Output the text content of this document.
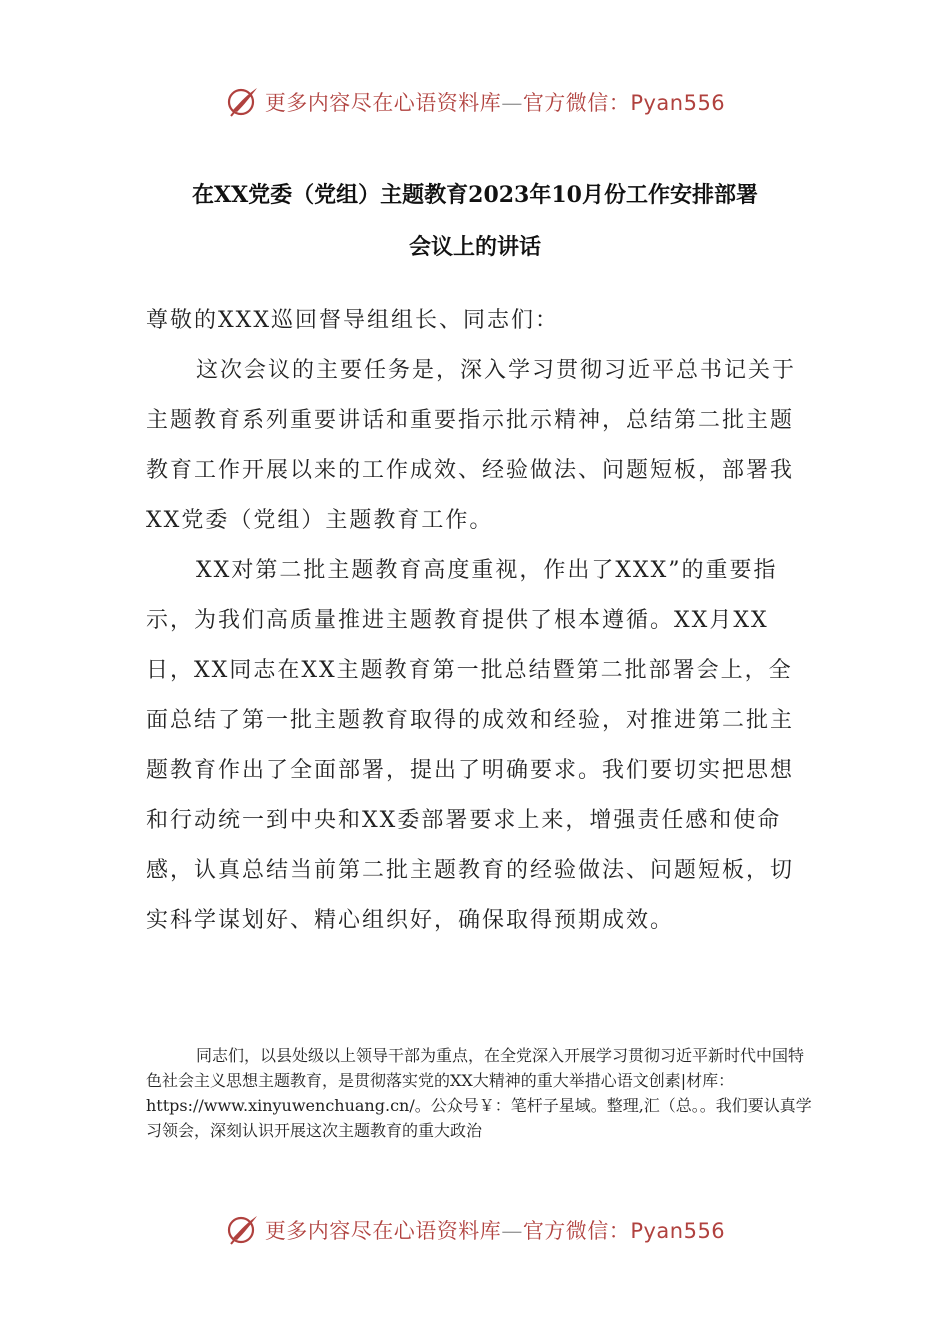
更多内容尽在心语资料库—官方微信：Pyan556
在XX党委（党组）主题教育2023年10月份工作安排部署
会议上的讲话

尊敬的XXX巡回督导组组长、同志们：

这次会议的主要任务是，深入学习贯彻习近平总书记关于主题教育系列重要讲话和重要指示批示精神，总结第二批主题教育工作开展以来的工作成效、经验做法、问题短板，部署我XX党委（党组）主题教育工作。

XX对第二批主题教育高度重视，作出了XXX”的重要指示，为我们高质量推进主题教育提供了根本遵循。XX月XX日，XX同志在XX主题教育第一批总结暨第二批部署会上，全面总结了第一批主题教育取得的成效和经验，对推进第二批主题教育作出了全面部署，提出了明确要求。我们要切实把思想和行动统一到中央和XX委部署要求上来，增强责任感和使命感，认真总结当前第二批主题教育的经验做法、问题短板，切实科学谋划好、精心组织好，确保取得预期成效。

同志们，以县处级以上领导干部为重点，在全党深入开展学习贯彻习近平新时代中国特色社会主义思想主题教育，是贯彻落实党的XX大精神的重大举措心语文创素|材库：https://www.xinyuwenchuang.cn/。公众号￥：笔杆子星域。整理,汇（总。。我们要认真学习领会，深刻认识开展这次主题教育的重大政治

更多内容尽在心语资料库—官方微信：Pyan556
